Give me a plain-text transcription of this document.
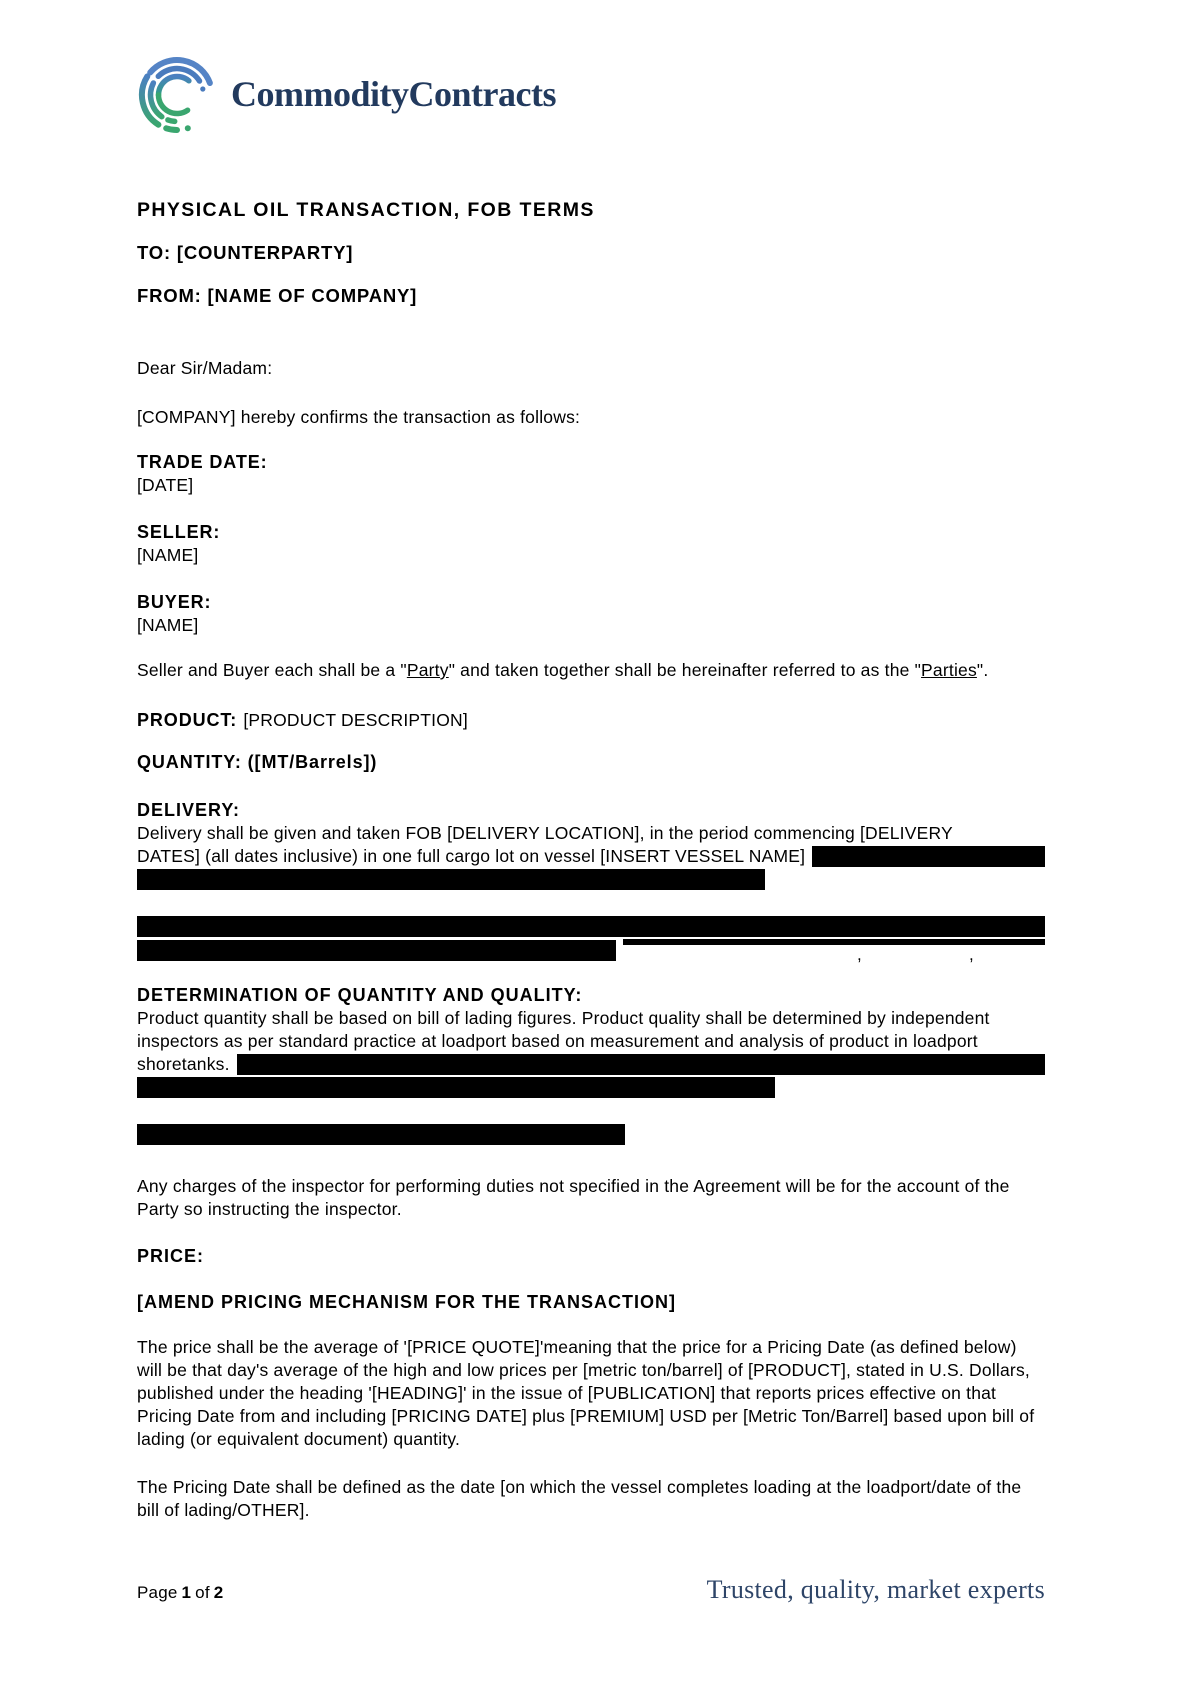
CommodityContracts
PHYSICAL OIL TRANSACTION, FOB TERMS
TO: [COUNTERPARTY]
FROM: [NAME OF COMPANY]
Dear Sir/Madam:
[COMPANY] hereby confirms the transaction as follows:
TRADE DATE:
[DATE]
SELLER:
[NAME]
BUYER:
[NAME]
Seller and Buyer each shall be a "Party" and taken together shall be hereinafter referred to as the "Parties".
PRODUCT: [PRODUCT DESCRIPTION]
QUANTITY: ([MT/Barrels])
DELIVERY:
Delivery shall be given and taken FOB [DELIVERY LOCATION], in the period commencing [DELIVERY
DATES] (all dates inclusive) in one full cargo lot on vessel [INSERT VESSEL NAME]
,	,
DETERMINATION OF QUANTITY AND QUALITY:
Product quantity shall be based on bill of lading figures. Product quality shall be determined by independent
inspectors as per standard practice at loadport based on measurement and analysis of product in loadport
shoretanks.
Any charges of the inspector for performing duties not specified in the Agreement will be for the account of the Party so instructing the inspector.
PRICE:
[AMEND PRICING MECHANISM FOR THE TRANSACTION]
The price shall be the average of '[PRICE QUOTE]'meaning that the price for a Pricing Date (as defined below) will be that day's average of the high and low prices per [metric ton/barrel] of [PRODUCT], stated in U.S. Dollars, published under the heading '[HEADING]' in the issue of [PUBLICATION] that reports prices effective on that Pricing Date from and including [PRICING DATE] plus [PREMIUM] USD per [Metric Ton/Barrel] based upon bill of lading (or equivalent document) quantity.
The Pricing Date shall be defined as the date [on which the vessel completes loading at the loadport/date of the bill of lading/OTHER].
Page 1 of 2	Trusted, quality, market experts
